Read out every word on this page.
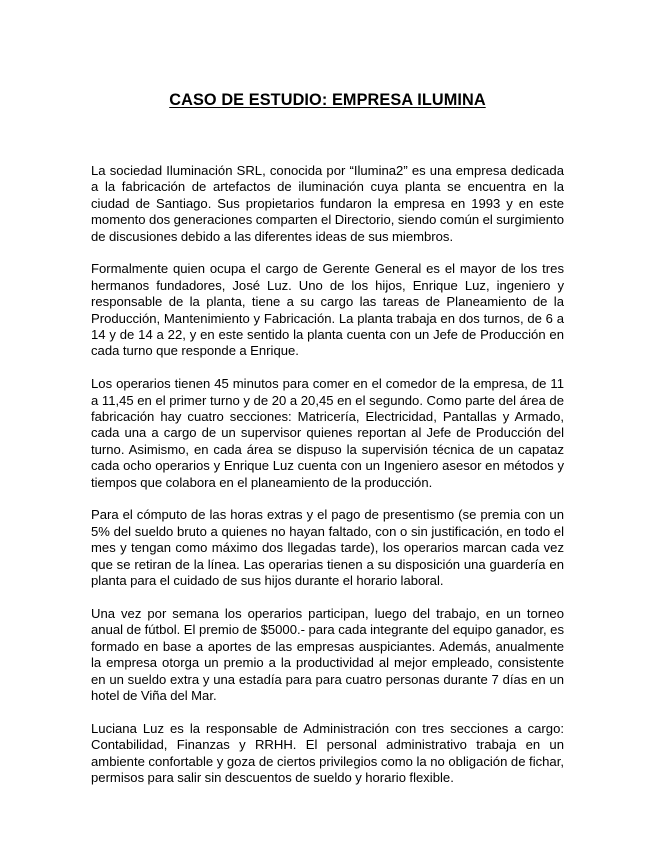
CASO DE ESTUDIO: EMPRESA ILUMINA

La sociedad Iluminación SRL, conocida por “Ilumina2” es una empresa dedicada a la fabricación de artefactos de iluminación cuya planta se encuentra en la ciudad de Santiago. Sus propietarios fundaron la empresa en 1993 y en este momento dos generaciones comparten el Directorio, siendo común el surgimiento de discusiones debido a las diferentes ideas de sus miembros.

Formalmente quien ocupa el cargo de Gerente General es el mayor de los tres hermanos fundadores, José Luz. Uno de los hijos, Enrique Luz, ingeniero y responsable de la planta, tiene a su cargo las tareas de Planeamiento de la Producción, Mantenimiento y Fabricación. La planta trabaja en dos turnos, de 6 a 14 y de 14 a 22, y en este sentido la planta cuenta con un Jefe de Producción en cada turno que responde a Enrique.

Los operarios tienen 45 minutos para comer en el comedor de la empresa, de 11 a 11,45 en el primer turno y de 20 a 20,45 en el segundo. Como parte del área de fabricación hay cuatro secciones: Matricería, Electricidad, Pantallas y Armado, cada una a cargo de un supervisor quienes reportan al Jefe de Producción del turno. Asimismo, en cada área se dispuso la supervisión técnica de un capataz cada ocho operarios y Enrique Luz cuenta con un Ingeniero asesor en métodos y tiempos que colabora en el planeamiento de la producción.

Para el cómputo de las horas extras y el pago de presentismo (se premia con un 5% del sueldo bruto a quienes no hayan faltado, con o sin justificación, en todo el mes y tengan como máximo dos llegadas tarde), los operarios marcan cada vez que se retiran de la línea. Las operarias tienen a su disposición una guardería en planta para el cuidado de sus hijos durante el horario laboral.

Una vez por semana los operarios participan, luego del trabajo, en un torneo anual de fútbol. El premio de $5000.- para cada integrante del equipo ganador, es formado en base a aportes de las empresas auspiciantes. Además, anualmente la empresa otorga un premio a la productividad al mejor empleado, consistente en un sueldo extra y una estadía para para cuatro personas durante 7 días en un hotel de Viña del Mar.

Luciana Luz es la responsable de Administración con tres secciones a cargo: Contabilidad, Finanzas y RRHH. El personal administrativo trabaja en un ambiente confortable y goza de ciertos privilegios como la no obligación de fichar, permisos para salir sin descuentos de sueldo y horario flexible.
